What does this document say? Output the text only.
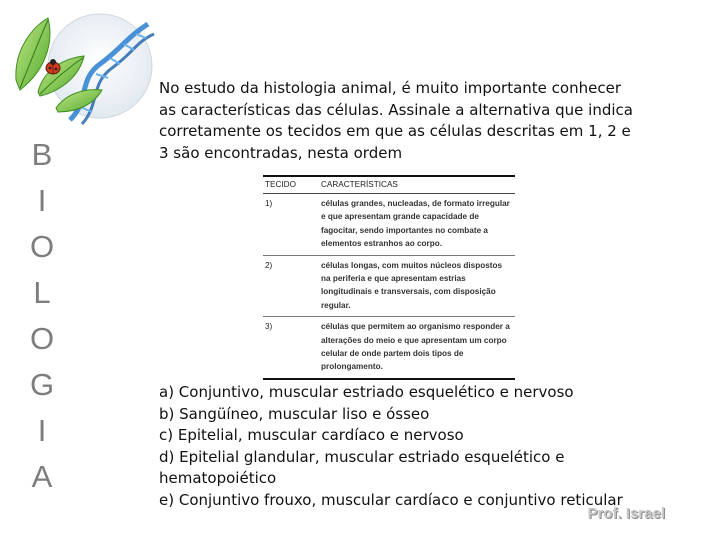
B
I
O
L
O
G
I
A
No estudo da histologia animal, é muito importante conhecer as características das células. Assinale a alternativa que indica corretamente os tecidos em que as células descritas em 1, 2 e 3 são encontradas, nesta ordem
TECIDO	CARACTERÍSTICAS
1)	células grandes, nucleadas, de formato irregular e que apresentam grande capacidade de fagocitar, sendo importantes no combate a elementos estranhos ao corpo.
2)	células longas, com muitos núcleos dispostos na periferia e que apresentam estrias longitudinais e transversais, com disposição regular.
3)	células que permitem ao organismo responder a alterações do meio e que apresentam um corpo celular de onde partem dois tipos de prolongamento.
a) Conjuntivo, muscular estriado esquelético e nervoso
b) Sangüíneo, muscular liso e ósseo
c) Epitelial, muscular cardíaco e nervoso
d) Epitelial glandular, muscular estriado esquelético e hematopoiético
e) Conjuntivo frouxo, muscular cardíaco e conjuntivo reticular
Prof. Israel
